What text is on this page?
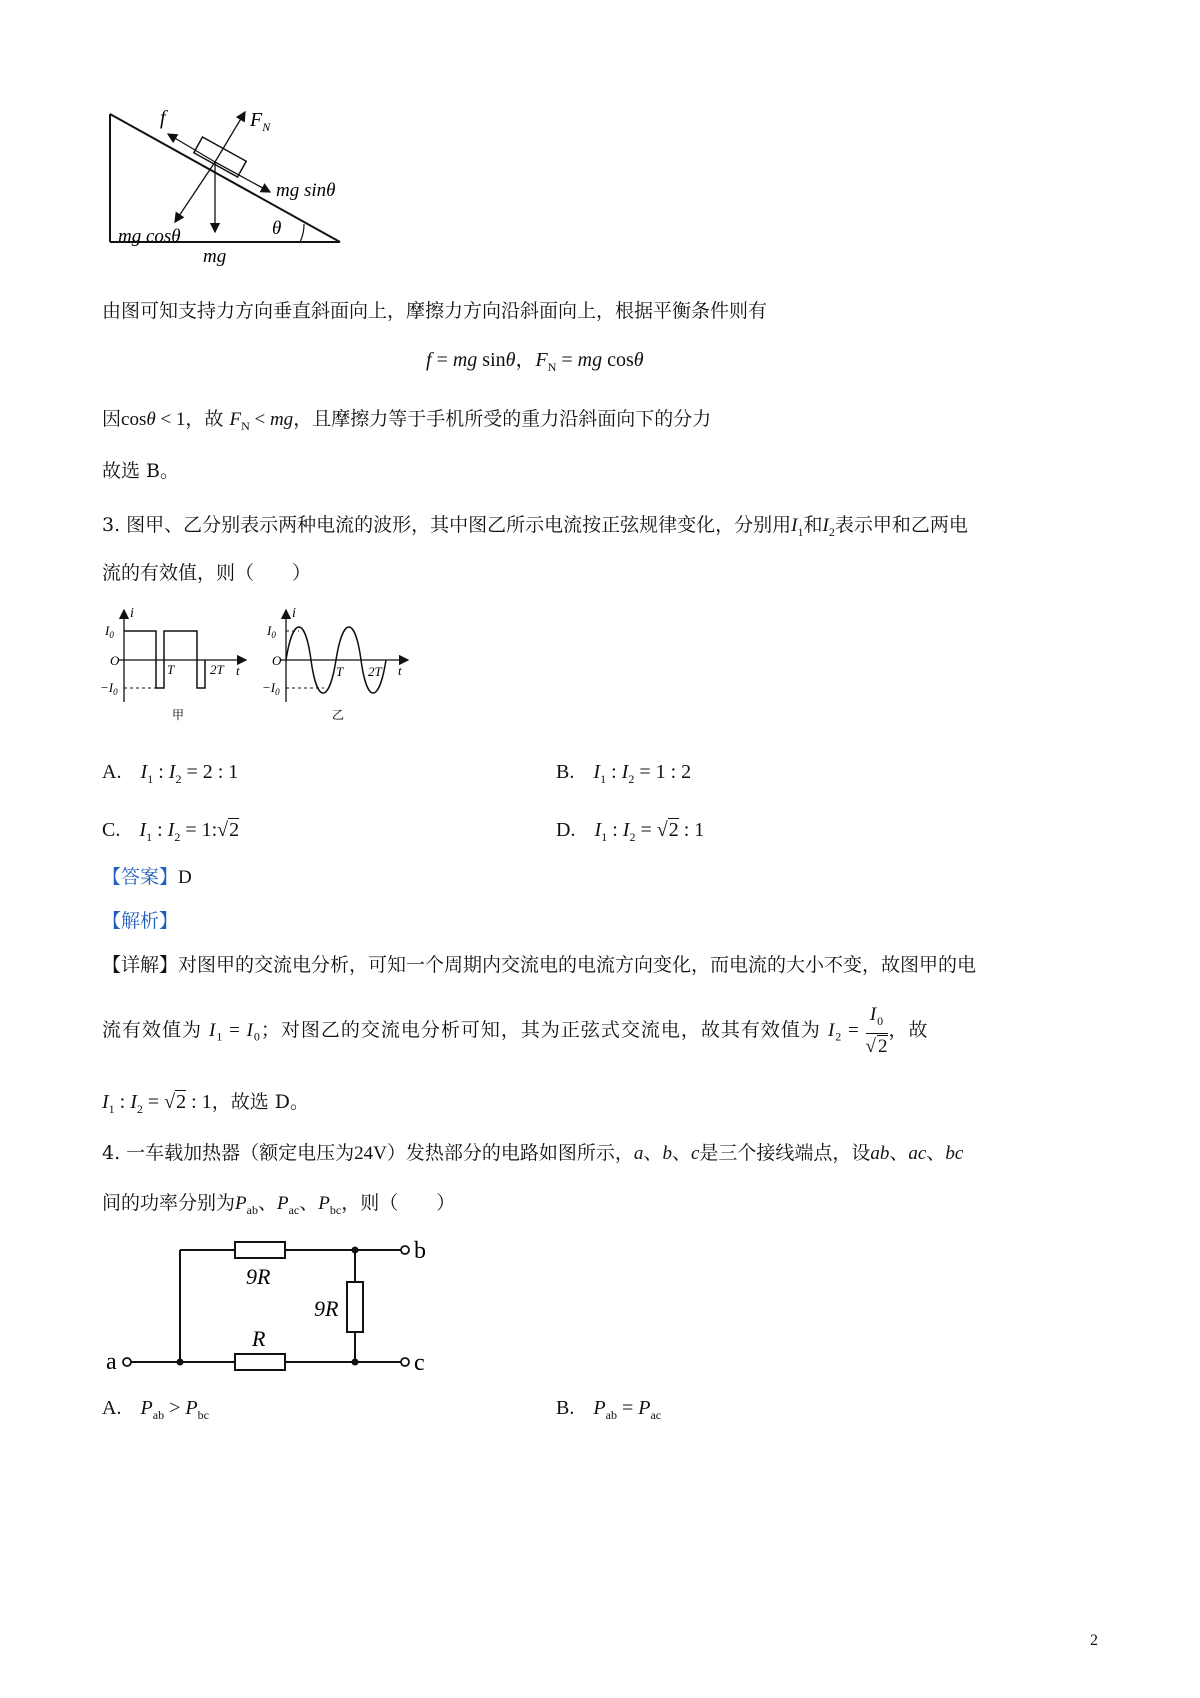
f	$F_N$
mg sinθ
mg cosθ
mg
θ
由图可知支持力方向垂直斜面向上，摩擦力方向沿斜面向上，根据平衡条件则有
f = mg sinθ，$F_N$ = mg cosθ
因cosθ < 1，故 $F_N$ < mg，且摩擦力等于手机所受的重力沿斜面向下的分力
故选 B。
3. 图甲、乙分别表示两种电流的波形，其中图乙所示电流按正弦规律变化，分别用$I_1$和$I_2$表示甲和乙两电
流的有效值，则（　　）
i
$I_0$
O
$-I_0$
T	2T t
甲
i
$I_0$
O
$-I_0$
T 2T t
乙
A. $I_1$ : $I_2 = 2$ : 1	B. $I_1$ : $I_2 = 1$ : 2
C. $I_1$ : $I_2$ = 1:√2	D. $I_1$ : $I_2 = √2$ : 1
【答案】D
【解析】
【详解】对图甲的交流电分析，可知一个周期内交流电的电流方向变化，而电流的大小不变，故图甲的电
流有效值为 $I_1 = I_0$；对图乙的交流电分析可知，其为正弦式交流电，故其有效值为 $I_2 = \frac{I_0}{√2}$ ，故
$I_1$ : $I_2 = √2$ : 1，故选 D。
4. 一车载加热器（额定电压为24V）发热部分的电路如图所示，a、b、c是三个接线端点，设ab、ac、bc
间的功率分别为$P_{ab}$、$P_{ac}$、$P_{bc}$，则（　　）
9R
9R
R
a
b
c
A. $P_{ab} > P_{bc}$	B. $P_{ab} = P_{ac}$
2
